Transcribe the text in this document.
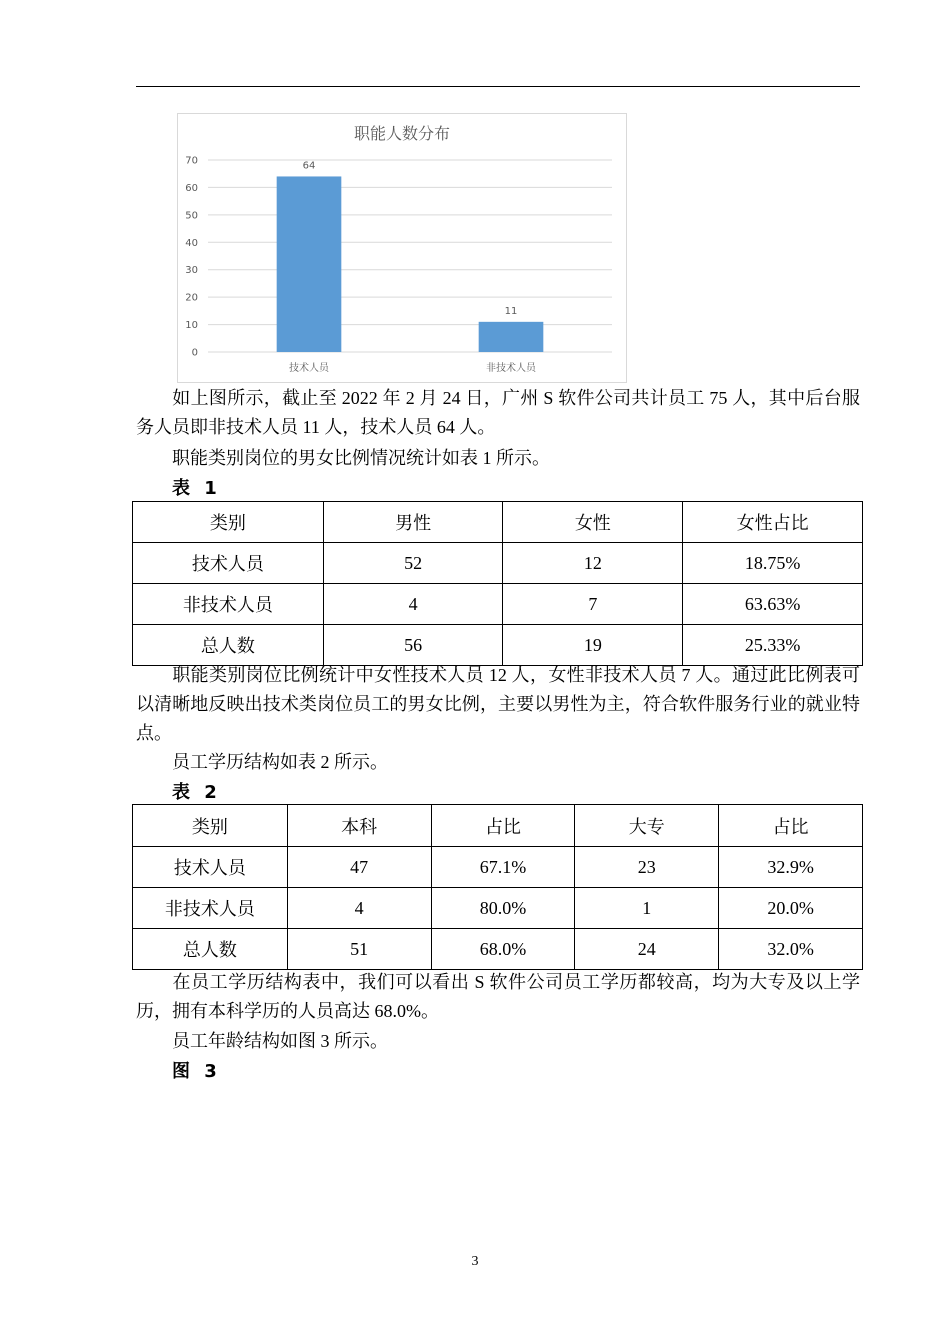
职能人数分布
0
10
20
30
40
50
60
70	64
技术人员
11
非技术人员

如上图所示，截止至 2022 年 2 月 24 日，广州 S 软件公司共计员工 75 人，其中后台服务人员即非技术人员 11 人，技术人员 64 人。

职能类别岗位的男女比例情况统计如表 1 所示。

表 1
类别	男性	女性	女性占比
技术人员	52	12	18.75%
非技术人员	4	7	63.63%
总人数	56	19	25.33%

职能类别岗位比例统计中女性技术人员 12 人，女性非技术人员 7 人。通过此比例表可以清晰地反映出技术类岗位员工的男女比例，主要以男性为主，符合软件服务行业的就业特点。

员工学历结构如表 2 所示。

表 2
类别	本科	占比	大专	占比
技术人员	47	67.1%	23	32.9%
非技术人员	4	80.0%	1	20.0%
总人数	51	68.0%	24	32.0%

在员工学历结构表中，我们可以看出 S 软件公司员工学历都较高，均为大专及以上学历，拥有本科学历的人员高达 68.0%。

员工年龄结构如图 3 所示。

图 3
3
